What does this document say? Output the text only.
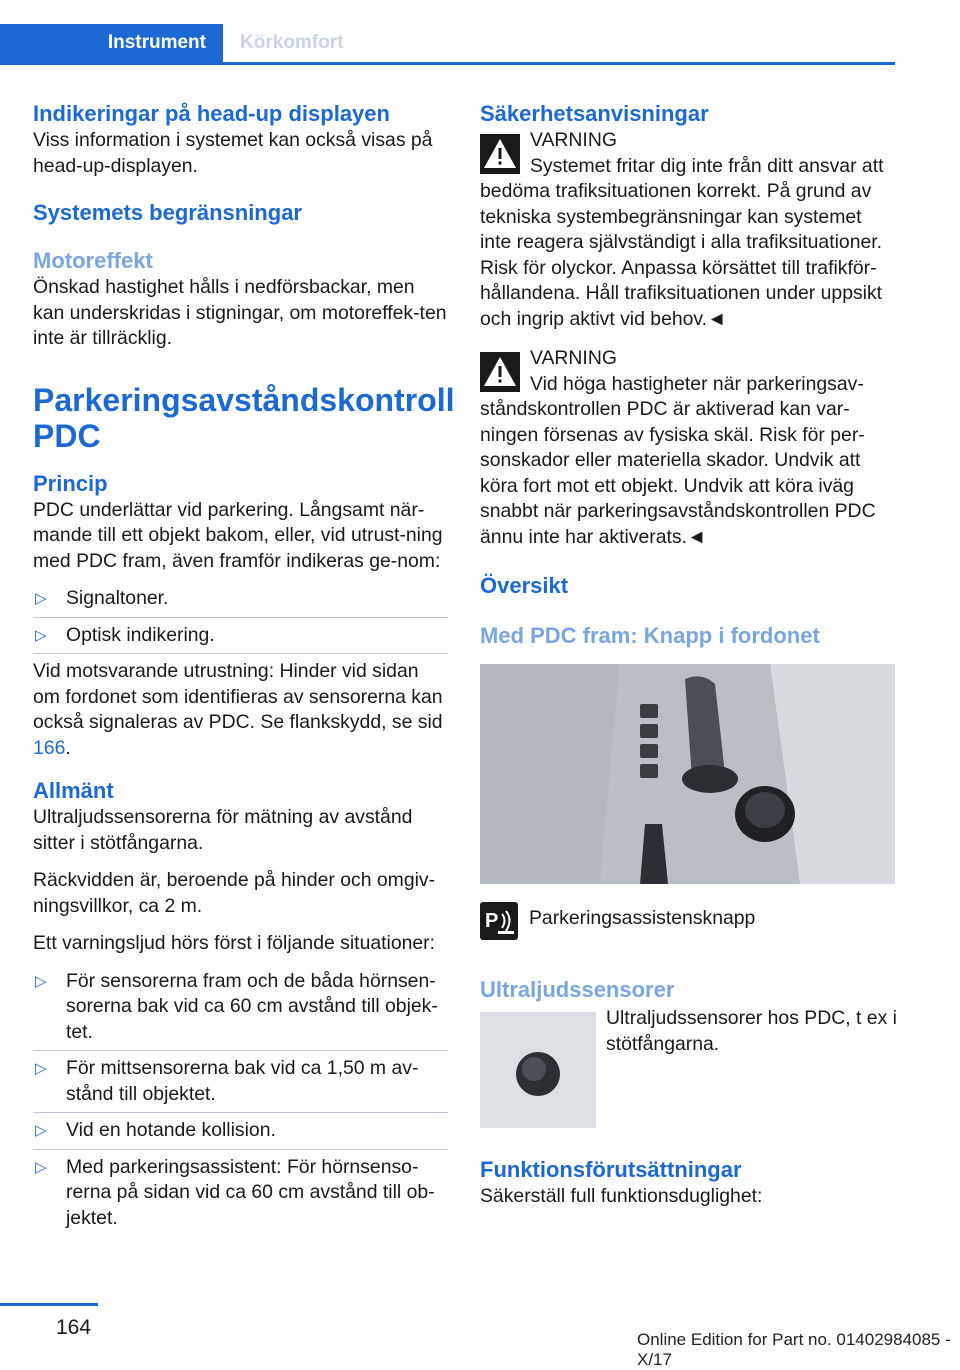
Instrument	Körkomfort
Indikeringar på head-up displayen

Viss information i systemet kan också visas på head-up-displayen.

Systemets begränsningar
Motoreffekt

Önskad hastighet hålls i nedförsbackar, men kan underskridas i stigningar, om motoreffek-ten inte är tillräcklig.

Parkeringsavståndskontroll
PDC
Princip

PDC underlättar vid parkering. Långsamt när-mande till ett objekt bakom, eller, vid utrust-ning med PDC fram, även framför indikeras ge-nom:

▷ Signaltoner.
▷ Optisk indikering.

Vid motsvarande utrustning: Hinder vid sidan om fordonet som identifieras av sensorerna kan också signaleras av PDC. Se flankskydd, se sid 166.

Allmänt

Ultraljudssensorerna för mätning av avstånd sitter i stötfångarna.

Räckvidden är, beroende på hinder och omgiv-ningsvillkor, ca 2 m.

Ett varningsljud hörs först i följande situationer:

▷ För sensorerna fram och de båda hörnsen-sorerna bak vid ca 60 cm avstånd till objek-tet.
▷ För mittsensorerna bak vid ca 1,50 m av-stånd till objektet.
▷ Vid en hotande kollision.
▷ Med parkeringsassistent: För hörnsenso-rerna på sidan vid ca 60 cm avstånd till ob-jektet.
Säkerhetsanvisningar
VARNING

Systemet fritar dig inte från ditt ansvar att bedöma trafiksituationen korrekt. På grund av tekniska systembegränsningar kan systemet inte reagera självständigt i alla trafiksituationer. Risk för olyckor. Anpassa körsättet till trafikför-hållandena. Håll trafiksituationen under uppsikt och ingrip aktivt vid behov.◄

VARNING

Vid höga hastigheter när parkeringsav-ståndskontrollen PDC är aktiverad kan var-ningen försenas av fysiska skäl. Risk för per-sonskador eller materiella skador. Undvik att köra fort mot ett objekt. Undvik att köra iväg snabbt när parkeringsavståndskontrollen PDC ännu inte har aktiverats.◄

Översikt
Med PDC fram: Knapp i fordonet
P Parkeringsassistensknapp
Ultraljudssensorer
Ultraljudssensorer hos PDC, t ex i stötfångarna.
Funktionsförutsättningar

Säkerställ full funktionsduglighet:

164
Online Edition for Part no. 01402984085 - X/17
